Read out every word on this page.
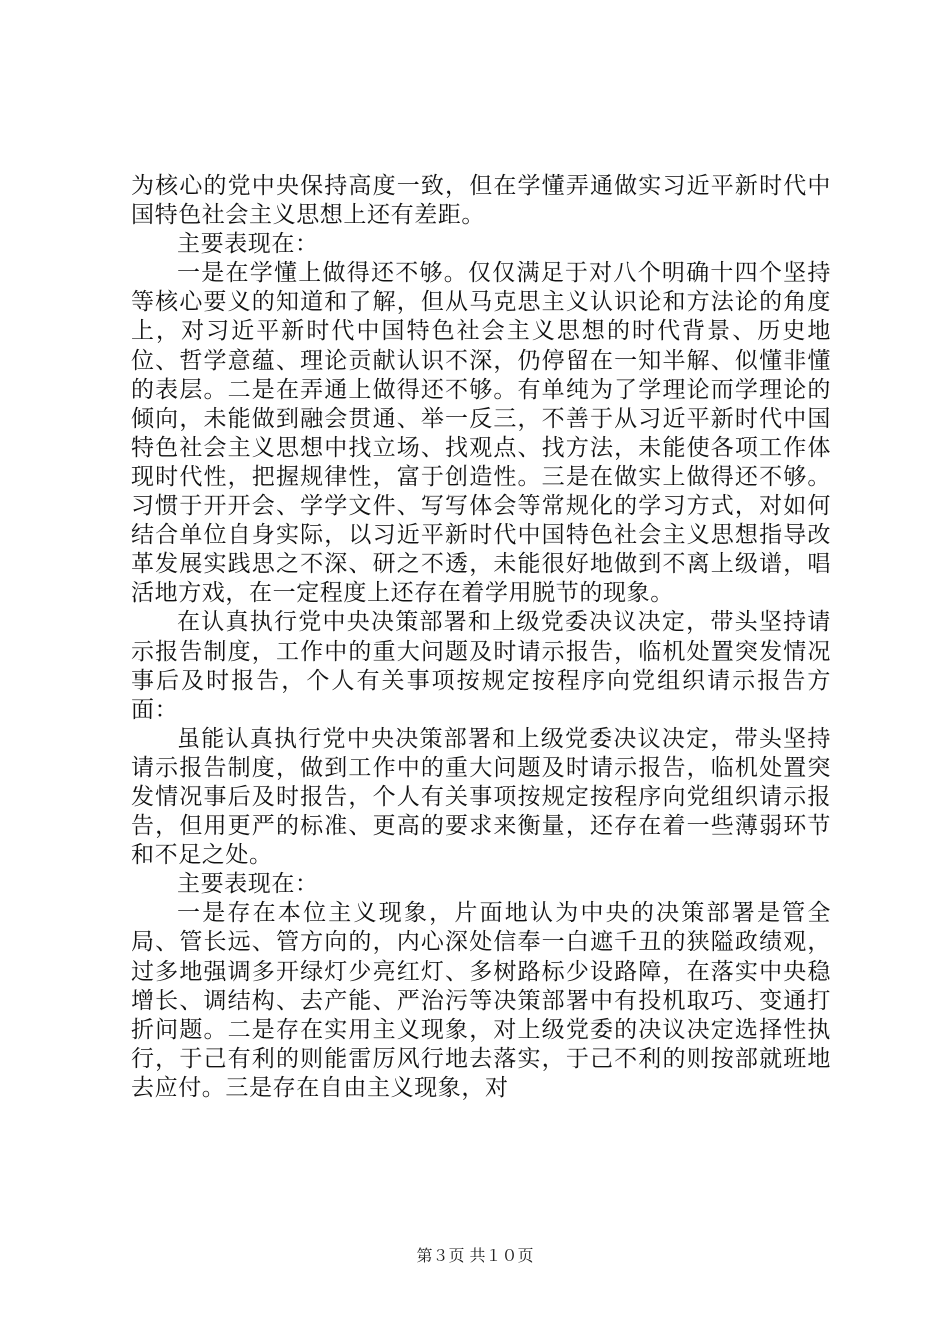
为核心的党中央保持高度一致，但在学懂弄通做实习近平新时代中国特色社会主义思想上还有差距。

主要表现在：

一是在学懂上做得还不够。仅仅满足于对八个明确十四个坚持等核心要义的知道和了解，但从马克思主义认识论和方法论的角度上，对习近平新时代中国特色社会主义思想的时代背景、历史地位、哲学意蕴、理论贡献认识不深，仍停留在一知半解、似懂非懂的表层。二是在弄通上做得还不够。有单纯为了学理论而学理论的倾向，未能做到融会贯通、举一反三，不善于从习近平新时代中国特色社会主义思想中找立场、找观点、找方法，未能使各项工作体现时代性，把握规律性，富于创造性。三是在做实上做得还不够。习惯于开开会、学学文件、写写体会等常规化的学习方式，对如何结合单位自身实际，以习近平新时代中国特色社会主义思想指导改革发展实践思之不深、研之不透，未能很好地做到不离上级谱，唱活地方戏，在一定程度上还存在着学用脱节的现象。

在认真执行党中央决策部署和上级党委决议决定，带头坚持请示报告制度，工作中的重大问题及时请示报告，临机处置突发情况事后及时报告，个人有关事项按规定按程序向党组织请示报告方面：

虽能认真执行党中央决策部署和上级党委决议决定，带头坚持请示报告制度，做到工作中的重大问题及时请示报告，临机处置突发情况事后及时报告，个人有关事项按规定按程序向党组织请示报告，但用更严的标准、更高的要求来衡量，还存在着一些薄弱环节和不足之处。

主要表现在：

一是存在本位主义现象，片面地认为中央的决策部署是管全局、管长远、管方向的，内心深处信奉一白遮千丑的狭隘政绩观，过多地强调多开绿灯少亮红灯、多树路标少设路障，在落实中央稳增长、调结构、去产能、严治污等决策部署中有投机取巧、变通打折问题。二是存在实用主义现象，对上级党委的决议决定选择性执行，于己有利的则能雷厉风行地去落实，于己不利的则按部就班地去应付。三是存在自由主义现象，对

第３页 共１０页
